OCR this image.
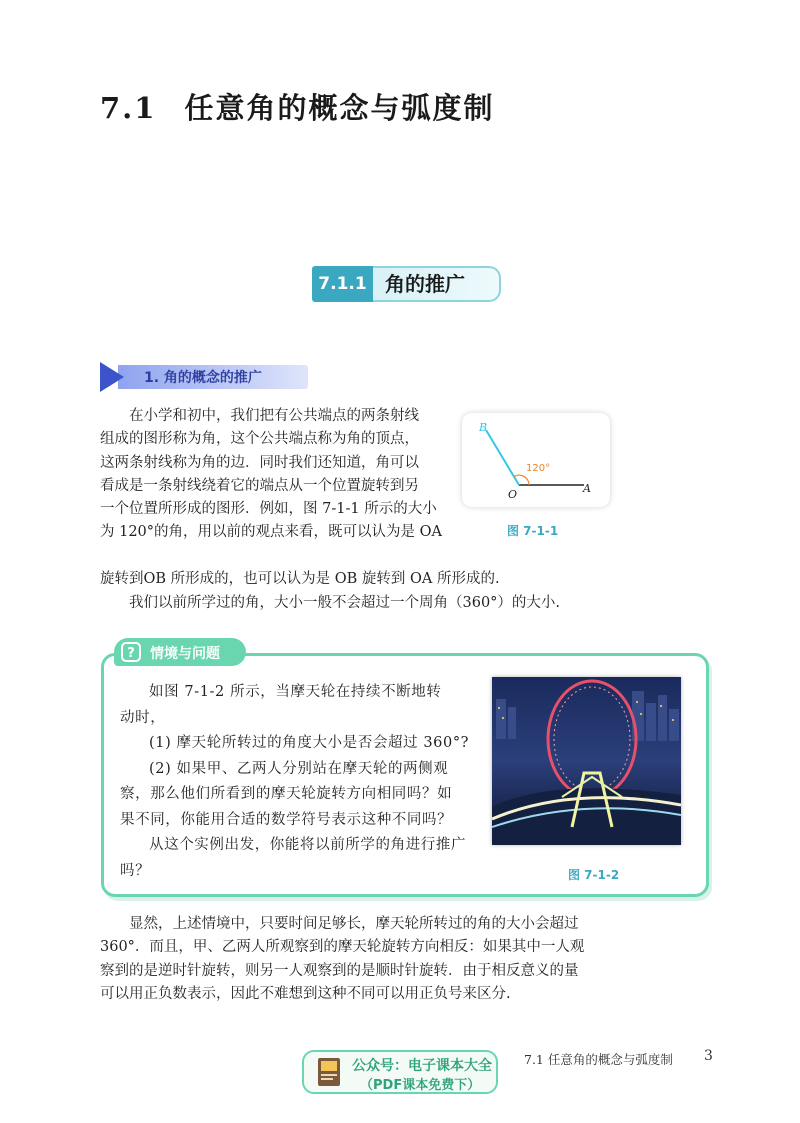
7.1 任意角的概念与弧度制
7.1.1 角的推广
1. 角的概念的推广
在小学和初中，我们把有公共端点的两条射线
组成的图形称为角，这个公共端点称为角的顶点，
这两条射线称为角的边．同时我们还知道，角可以
看成是一条射线绕着它的端点从一个位置旋转到另
一个位置所形成的图形．例如，图 7-1-1 所示的大小
为 120°的角，用以前的观点来看，既可以认为是 OA
旋转到OB 所形成的，也可以认为是 OB 旋转到 OA 所形成的.
我们以前所学过的角，大小一般不会超过一个周角（360°）的大小.
B
O	A
120°
图 7-1-1
? 情境与问题

如图 7-1-2 所示，当摩天轮在持续不断地转

动时，

(1) 摩天轮所转过的角度大小是否会超过 360°?

(2) 如果甲、乙两人分别站在摩天轮的两侧观

察，那么他们所看到的摩天轮旋转方向相同吗？如

果不同，你能用合适的数学符号表示这种不同吗？

从这个实例出发，你能将以前所学的角进行推广吗？	图 7-1-2
显然，上述情境中，只要时间足够长，摩天轮所转过的角的大小会超过
360°．而且，甲、乙两人所观察到的摩天轮旋转方向相反：如果其中一人观
察到的是逆时针旋转，则另一人观察到的是顺时针旋转．由于相反意义的量
可以用正负数表示，因此不难想到这种不同可以用正负号来区分.
公众号：电子课本大全
（PDF课本免费下）
7.1 任意角的概念与弧度制 3
